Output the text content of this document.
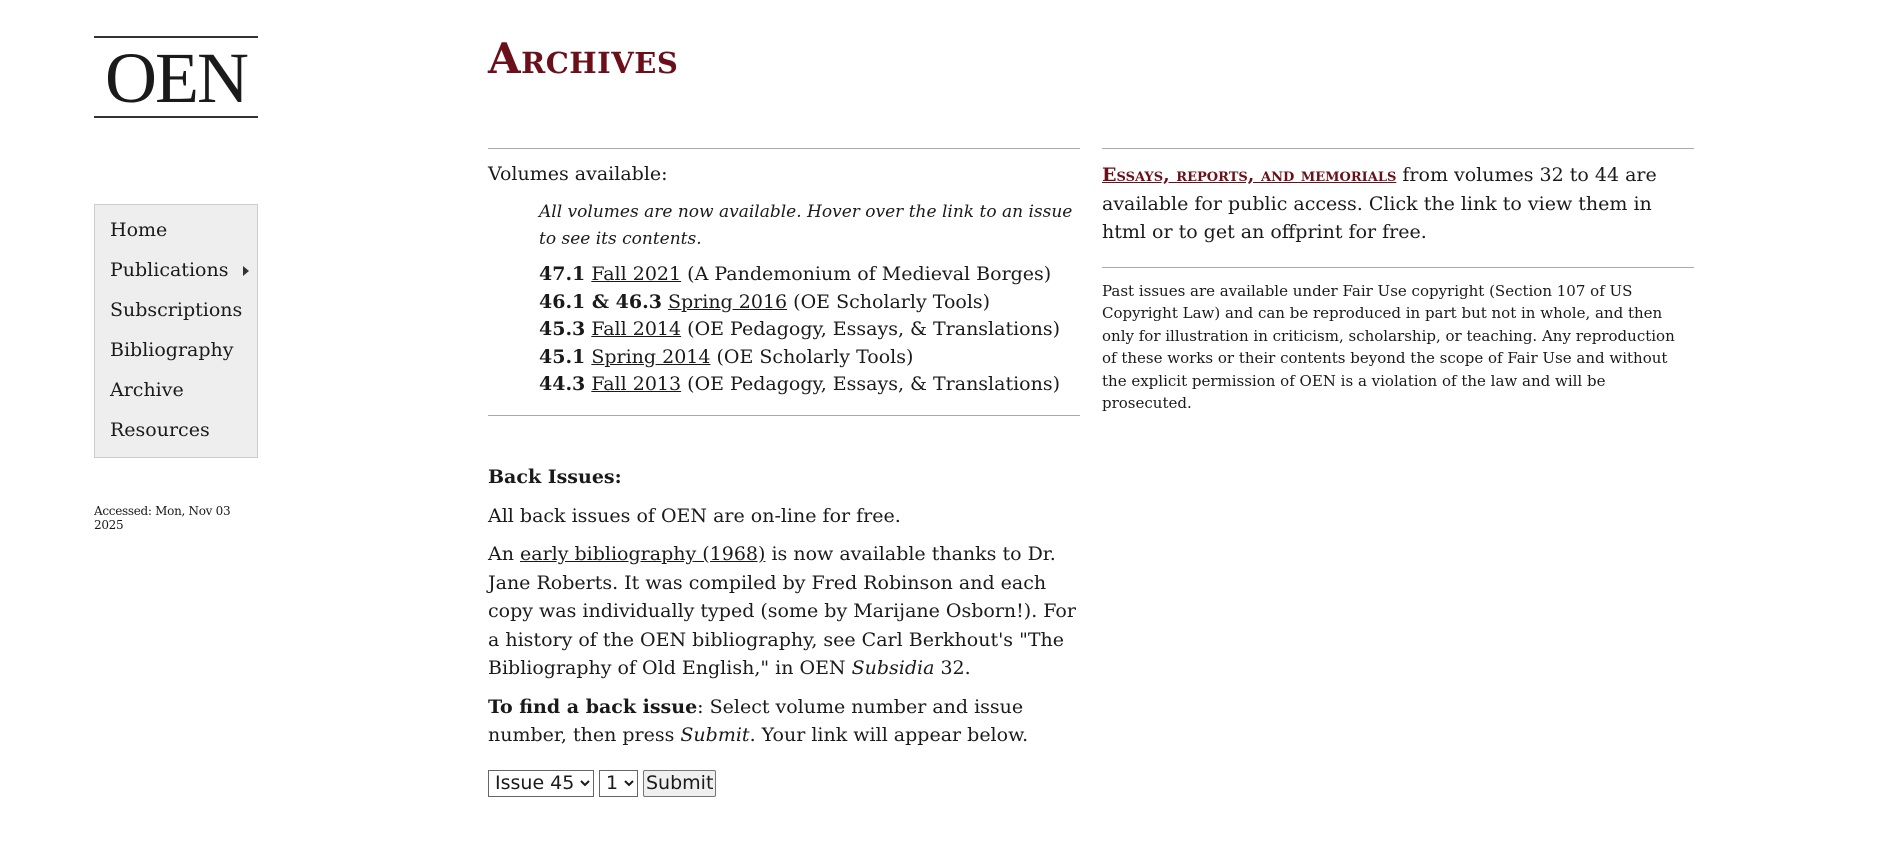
OEN
Home
Publications
Subscriptions
Bibliography
Archive
Resources
Accessed: Mon, Nov 03 2025
Archives
Volumes available:
All volumes are now available. Hover over the link to an issue to see its contents.
47.1 Fall 2021 (A Pandemonium of Medieval Borges)
46.1 & 46.3 Spring 2016 (OE Scholarly Tools)
45.3 Fall 2014 (OE Pedagogy, Essays, & Translations)
45.1 Spring 2014 (OE Scholarly Tools)
44.3 Fall 2013 (OE Pedagogy, Essays, & Translations)
Back Issues:

All back issues of OEN are on-line for free.

An early bibliography (1968) is now available thanks to Dr. Jane Roberts. It was compiled by Fred Robinson and each copy was individually typed (some by Marijane Osborn!). For a history of the OEN bibliography, see Carl Berkhout's "The Bibliography of Old English," in OEN Subsidia 32.

To find a back issue: Select volume number and issue number, then press Submit. Your link will appear below.

Issue 45
1
Submit

Essays, reports, and memorials from volumes 32 to 44 are available for public access. Click the link to view them in html or to get an offprint for free.

Past issues are available under Fair Use copyright (Section 107 of US Copyright Law) and can be reproduced in part but not in whole, and then only for illustration in criticism, scholarship, or teaching. Any reproduction of these works or their contents beyond the scope of Fair Use and without the explicit permission of OEN is a violation of the law and will be prosecuted.
